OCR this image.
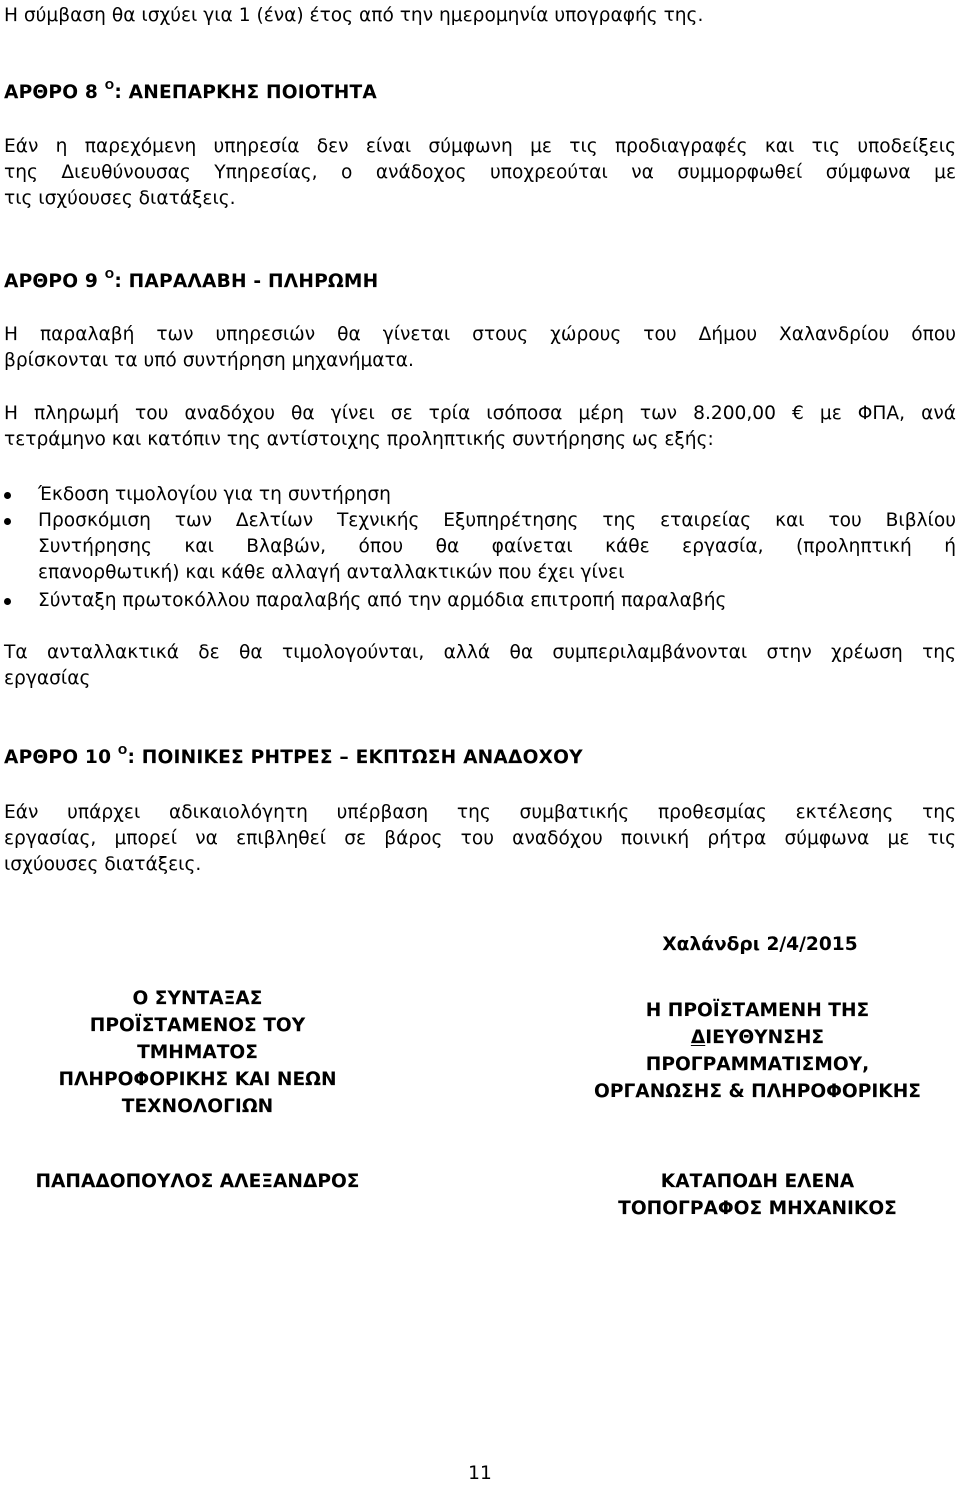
Η σύμβαση θα ισχύει για 1 (ένα) έτος από την ημερομηνία υπογραφής της.

ΑΡΘΡΟ 8 $^O$: ΑΝΕΠΑΡΚΗΣ ΠΟΙΟΤΗΤΑ

Εάν η παρεχόμενη υπηρεσία δεν είναι σύμφωνη με τις προδιαγραφές και τις υποδείξεις

της Διευθύνουσας Υπηρεσίας, ο ανάδοχος υποχρεούται να συμμορφωθεί σύμφωνα με

τις ισχύουσες διατάξεις.

ΑΡΘΡΟ 9 $^O$: ΠΑΡΑΛΑΒΗ - ΠΛΗΡΩΜΗ

Η παραλαβή των υπηρεσιών θα γίνεται στους χώρους του Δήμου Χαλανδρίου όπου

βρίσκονται τα υπό συντήρηση μηχανήματα.

Η πληρωμή του αναδόχου θα γίνει σε τρία ισόποσα μέρη των 8.200,00 € με ΦΠΑ, ανά

τετράμηνο και κατόπιν της αντίστοιχης προληπτικής συντήρησης ως εξής:

Έκδοση τιμολογίου για τη συντήρηση

Προσκόμιση των Δελτίων Τεχνικής Εξυπηρέτησης της εταιρείας και του Βιβλίου

Συντήρησης και Βλαβών, όπου θα φαίνεται κάθε εργασία, (προληπτική ή

επανορθωτική) και κάθε αλλαγή ανταλλακτικών που έχει γίνει

Σύνταξη πρωτοκόλλου παραλαβής από την αρμόδια επιτροπή παραλαβής

Τα ανταλλακτικά δε θα τιμολογούνται, αλλά θα συμπεριλαμβάνονται στην χρέωση της

εργασίας

ΑΡΘΡΟ 10 $^O$: ΠΟΙΝΙΚΕΣ ΡΗΤΡΕΣ – ΕΚΠΤΩΣΗ ΑΝΑΔΟΧΟΥ

Εάν υπάρχει αδικαιολόγητη υπέρβαση της συμβατικής προθεσμίας εκτέλεσης της

εργασίας, μπορεί να επιβληθεί σε βάρος του αναδόχου ποινική ρήτρα σύμφωνα με τις

ισχύουσες διατάξεις.

Χαλάνδρι 2/4/2015
Ο ΣΥΝΤΑΞΑΣ
ΠΡΟΪΣΤΑΜΕΝΟΣ ΤΟΥ
ΤΜΗΜΑΤΟΣ
ΠΛΗΡΟΦΟΡΙΚΗΣ ΚΑΙ ΝΕΩΝ
ΤΕΧΝΟΛΟΓΙΩΝ
ΠΑΠΑΔΟΠΟΥΛΟΣ ΑΛΕΞΑΝΔΡΟΣ
Η ΠΡΟΪΣΤΑΜΕΝΗ ΤΗΣ
ΔΙΕΥΘΥΝΣΗΣ
ΠΡΟΓΡΑΜΜΑΤΙΣΜΟΥ,
ΟΡΓΑΝΩΣΗΣ & ΠΛΗΡΟΦΟΡΙΚΗΣ
ΚΑΤΑΠΟΔΗ ΕΛΕΝΑ
ΤΟΠΟΓΡΑΦΟΣ ΜΗΧΑΝΙΚΟΣ
11
